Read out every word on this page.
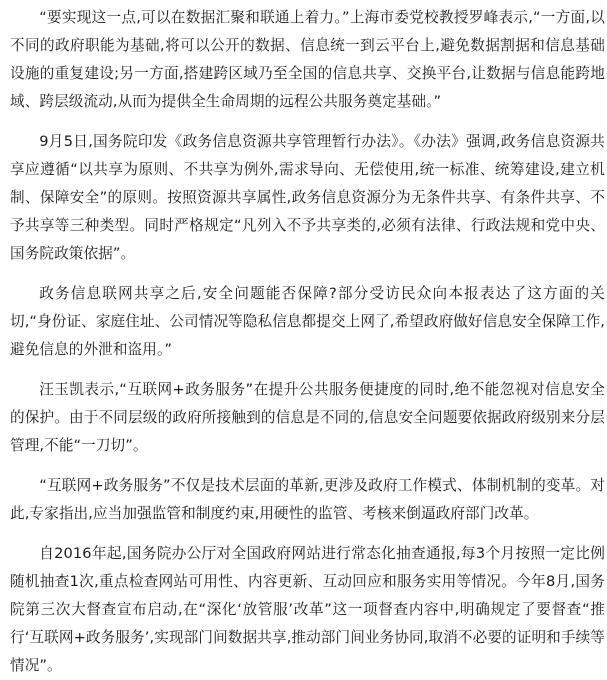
“要实现这一点,可以在数据汇聚和联通上着力。”上海市委党校教授罗峰表示,“一方面,以不同的政府职能为基础,将可以公开的数据、信息统一到云平台上,避免数据割据和信息基础设施的重复建设;另一方面,搭建跨区域乃至全国的信息共享、交换平台,让数据与信息能跨地域、跨层级流动,从而为提供全生命周期的远程公共服务奠定基础。”

9月5日,国务院印发《政务信息资源共享管理暂行办法》。《办法》强调,政务信息资源共享应遵循“以共享为原则、不共享为例外,需求导向、无偿使用,统一标准、统筹建设,建立机制、保障安全”的原则。按照资源共享属性,政务信息资源分为无条件共享、有条件共享、不予共享等三种类型。同时严格规定“凡列入不予共享类的,必须有法律、行政法规和党中央、国务院政策依据”。

政务信息联网共享之后,安全问题能否保障?部分受访民众向本报表达了这方面的关切,“身份证、家庭住址、公司情况等隐私信息都提交上网了,希望政府做好信息安全保障工作,避免信息的外泄和盗用。”

汪玉凯表示,“互联网+政务服务”在提升公共服务便捷度的同时,绝不能忽视对信息安全的保护。由于不同层级的政府所接触到的信息是不同的,信息安全问题要依据政府级别来分层管理,不能“一刀切”。

“互联网+政务服务”不仅是技术层面的革新,更涉及政府工作模式、体制机制的变革。对此,专家指出,应当加强监管和制度约束,用硬性的监管、考核来倒逼政府部门改革。

自2016年起,国务院办公厅对全国政府网站进行常态化抽查通报,每3个月按照一定比例随机抽查1次,重点检查网站可用性、内容更新、互动回应和服务实用等情况。今年8月,国务院第三次大督查宣布启动,在“深化‘放管服’改革”这一项督查内容中,明确规定了要督查“推行‘互联网+政务服务’,实现部门间数据共享,推动部门间业务协同,取消不必要的证明和手续等情况”。
